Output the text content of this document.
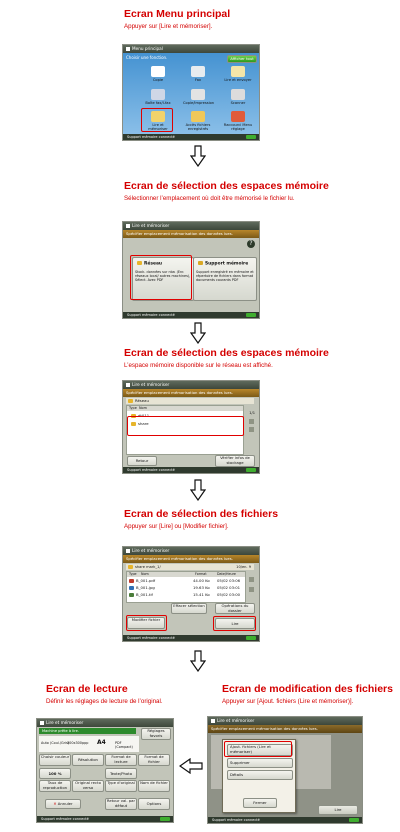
Ecran Menu principal
Appuyer sur [Lire et mémoriser].
Menu principal
Choisir une fonction.	Afficher tout
Copie	Fax	Lire et envoyer
Boîte fax/I-fax	Copie/Impression	Scanner
Lire et mémoriser
Accès fichiers enregistrés
Raccourci Menu réglage
Support mémoire connecté
Ecran de sélection des espaces mémoire
Sélectionner l’emplacement où doit être mémorisé le fichier lu.
Lire et mémoriser
Spécifier emplacement mémorisation des données lues.
?
Réseau
Stock. données sur ntw. (Enr. réseaux local/ autres machines), Sélect. Avec PDF
Support mémoire
Support enregistré en mémoire et répertoire de fichiers dans format documents courants PDF
Support mémoire connecté
Ecran de sélection des espaces mémoire
L’espace mémoire disponible sur le réseau est affiché.
Lire et mémoriser
Spécifier emplacement mémorisation des données lues.
Réseau
Type Nom
dt011
share
1/1
Retour
Vérifier infos de stockage
Support mémoire connecté
Ecran de sélection des fichiers
Appuyer sur [Lire] ou [Modifier fichier].
Lire et mémoriser
Spécifier emplacement mémorisation des données lues.
share mark_1/	10/en. 9
Type Nom	Format	Date/Heure
B_001.pdf	44.00 Ko 05/02 03:06
B_001.jpg	19.63 Ko 05/02 03:01
B_001.tif	15.41 Ko 05/02 03:00
Effacer sélection	Opérations du dossier
Modifier fichier
Lire
Support mémoire connecté
Ecran de lecture
Définir les réglages de lecture de l’original.
Lire et mémoriser
Machine prête à lire.	Réglages favoris
Auto (Coul./Gris)
300x300ppp A4	PDF (Compact)
Choisir couleur
Résolution
Format de lecture
Format de fichier
100 %	Texte/Photo
Taux de reproduction
Original recto verso
Type d'original	Nom de fichier
✕ Annuler
Retour val. par défaut	Options
Support mémoire connecté
Ecran de modification des fichiers
Appuyer sur [Ajout. fichiers (Lire et mémoriser)].
Lire et mémoriser
Spécifier emplacement mémorisation des données lues.
Ajout. fichiers (Lire et mémoriser)
Supprimer
Détails
Fermer
Lire
Support mémoire connecté
